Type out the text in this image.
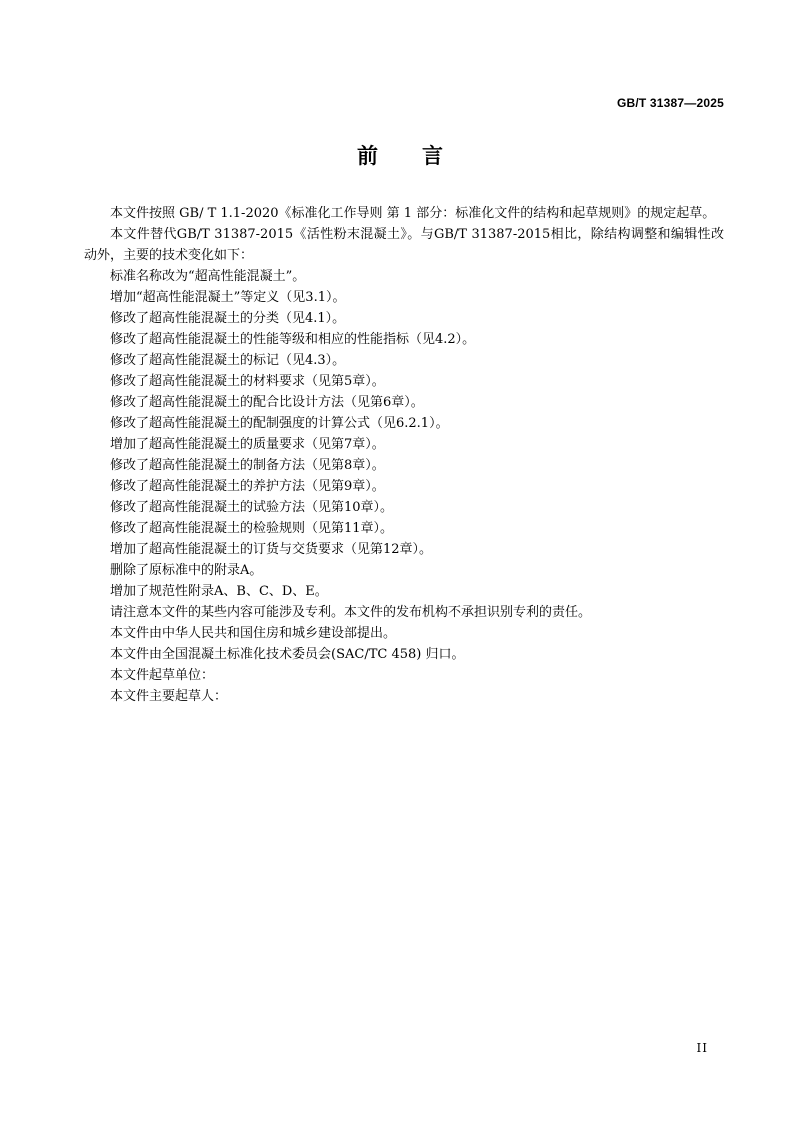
GB/T 31387—2025
前 言

本文件按照 GB/ T 1.1-2020《标准化工作导则 第 1 部分：标准化文件的结构和起草规则》的规定起草。

本文件替代GB/T 31387-2015《活性粉末混凝土》。与GB/T 31387-2015相比，除结构调整和编辑性改动外，主要的技术变化如下：

标准名称改为“超高性能混凝土”。

增加“超高性能混凝土”等定义（见3.1）。

修改了超高性能混凝土的分类（见4.1）。

修改了超高性能混凝土的性能等级和相应的性能指标（见4.2）。

修改了超高性能混凝土的标记（见4.3）。

修改了超高性能混凝土的材料要求（见第5章）。

修改了超高性能混凝土的配合比设计方法（见第6章）。

修改了超高性能混凝土的配制强度的计算公式（见6.2.1）。

增加了超高性能混凝土的质量要求（见第7章）。

修改了超高性能混凝土的制备方法（见第8章）。

修改了超高性能混凝土的养护方法（见第9章）。

修改了超高性能混凝土的试验方法（见第10章）。

修改了超高性能混凝土的检验规则（见第11章）。

增加了超高性能混凝土的订货与交货要求（见第12章）。

删除了原标准中的附录A。

增加了规范性附录A、B、C、D、E。

请注意本文件的某些内容可能涉及专利。本文件的发布机构不承担识别专利的责任。

本文件由中华人民共和国住房和城乡建设部提出。

本文件由全国混凝土标准化技术委员会(SAC/TC 458) 归口。

本文件起草单位：

本文件主要起草人：

II
